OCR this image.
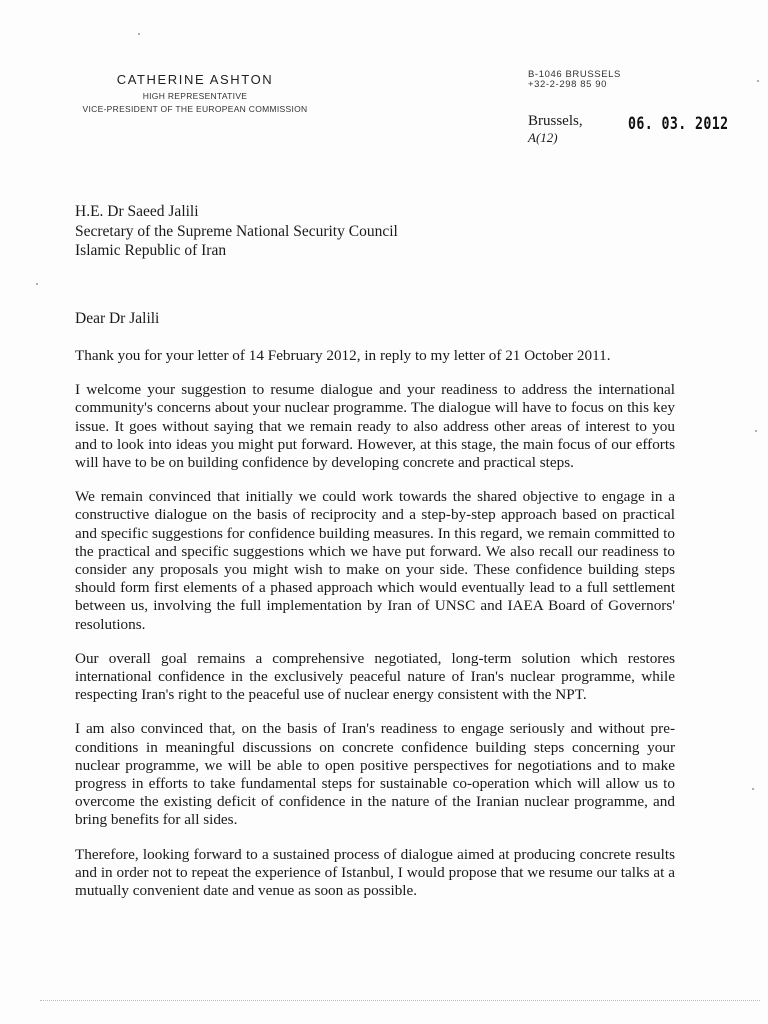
CATHERINE ASHTON
HIGH REPRESENTATIVE
VICE-PRESIDENT OF THE EUROPEAN COMMISSION
B-1046 BRUSSELS
+32-2-298 85 90
Brussels,
A(12)
06. 03. 2012
H.E. Dr Saeed Jalili
Secretary of the Supreme National Security Council
Islamic Republic of Iran
Dear Dr Jalili

Thank you for your letter of 14 February 2012, in reply to my letter of 21 October 2011.

I welcome your suggestion to resume dialogue and your readiness to address the international community's concerns about your nuclear programme. The dialogue will have to focus on this key issue. It goes without saying that we remain ready to also address other areas of interest to you and to look into ideas you might put forward. However, at this stage, the main focus of our efforts will have to be on building confidence by developing concrete and practical steps.

We remain convinced that initially we could work towards the shared objective to engage in a constructive dialogue on the basis of reciprocity and a step-by-step approach based on practical and specific suggestions for confidence building measures. In this regard, we remain committed to the practical and specific suggestions which we have put forward. We also recall our readiness to consider any proposals you might wish to make on your side. These confidence building steps should form first elements of a phased approach which would eventually lead to a full settlement between us, involving the full implementation by Iran of UNSC and IAEA Board of Governors' resolutions.

Our overall goal remains a comprehensive negotiated, long-term solution which restores international confidence in the exclusively peaceful nature of Iran's nuclear programme, while respecting Iran's right to the peaceful use of nuclear energy consistent with the NPT.

I am also convinced that, on the basis of Iran's readiness to engage seriously and without pre-conditions in meaningful discussions on concrete confidence building steps concerning your nuclear programme, we will be able to open positive perspectives for negotiations and to make progress in efforts to take fundamental steps for sustainable co-operation which will allow us to overcome the existing deficit of confidence in the nature of the Iranian nuclear programme, and bring benefits for all sides.

Therefore, looking forward to a sustained process of dialogue aimed at producing concrete results and in order not to repeat the experience of Istanbul, I would propose that we resume our talks at a mutually convenient date and venue as soon as possible.
